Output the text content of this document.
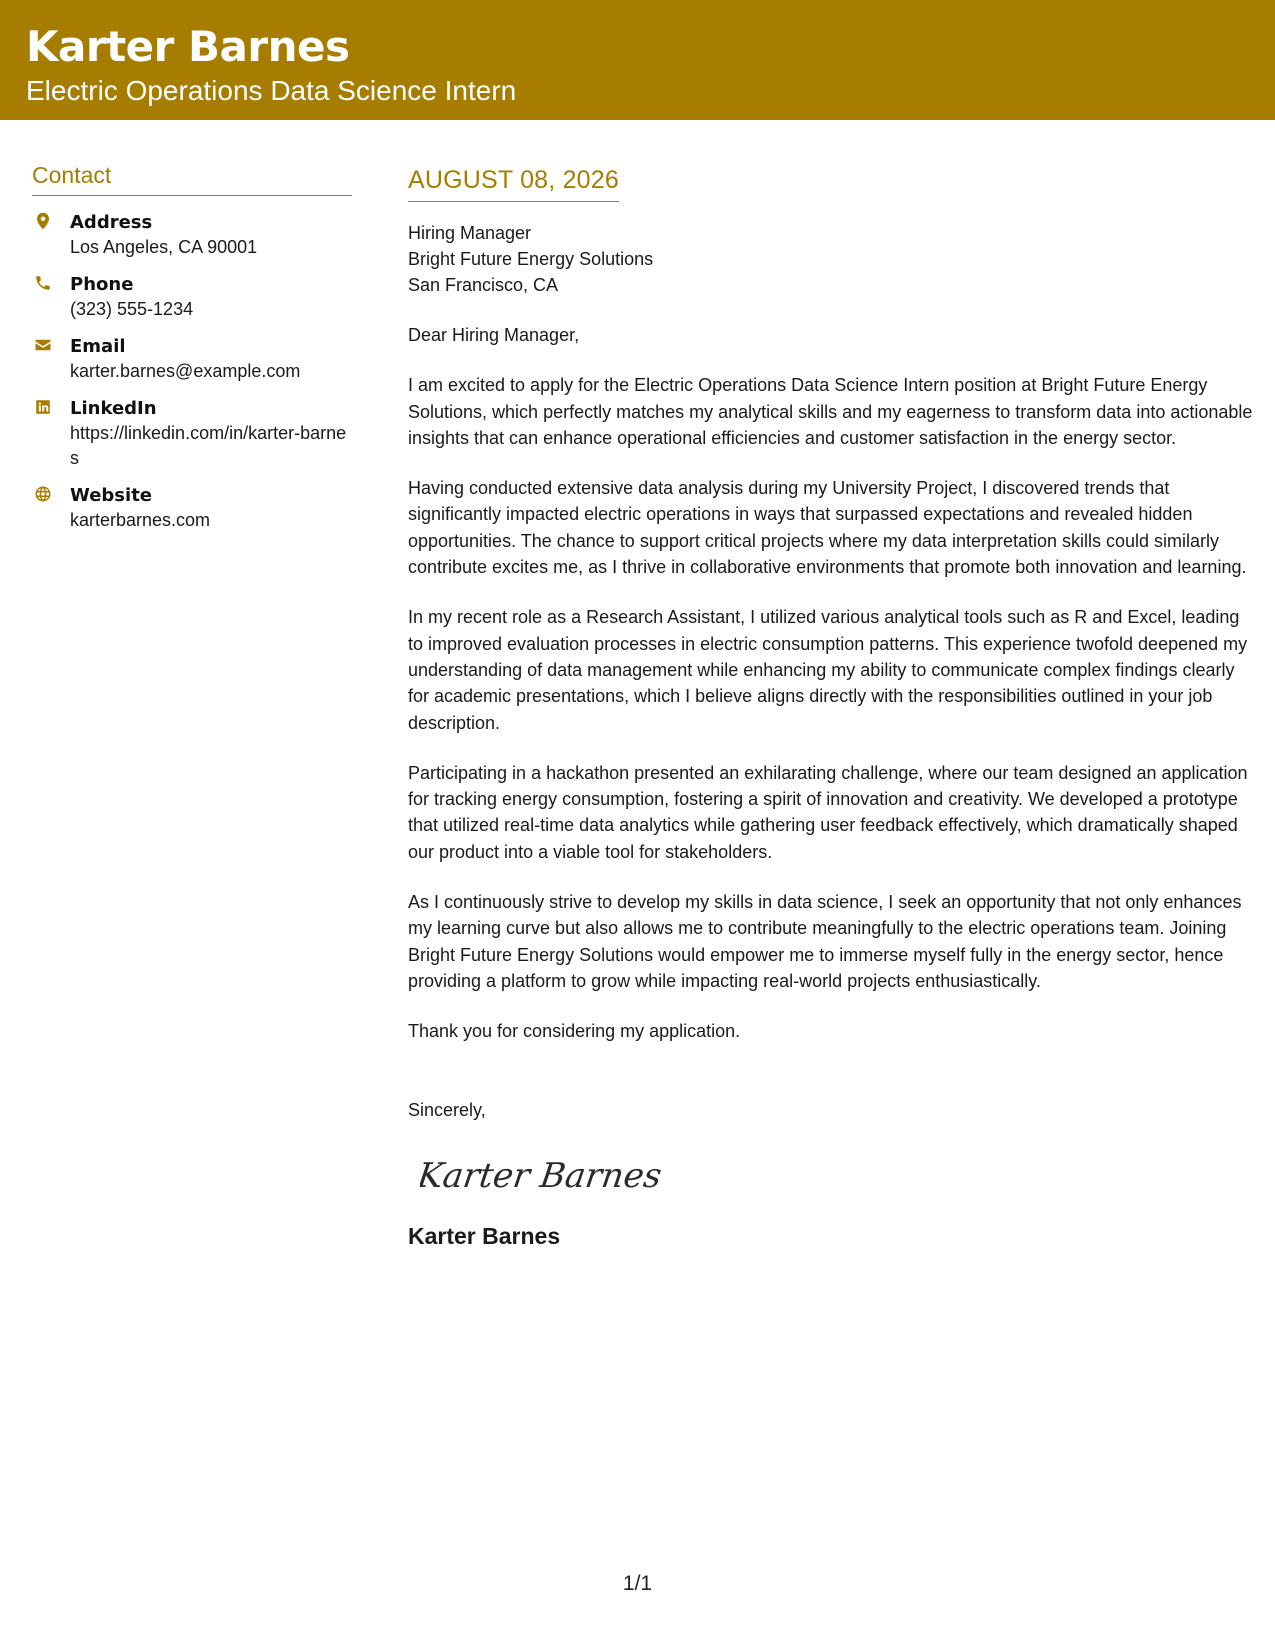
Karter Barnes
Electric Operations Data Science Intern
Contact
Address
Los Angeles, CA 90001
Phone
(323) 555-1234
Email
karter.barnes@example.com
LinkedIn
https://linkedin.com/in/karter-barnes
Website
karterbarnes.com
AUGUST 08, 2026
Hiring Manager
Bright Future Energy Solutions
San Francisco, CA
Dear Hiring Manager,
I am excited to apply for the Electric Operations Data Science Intern position at Bright Future Energy Solutions, which perfectly matches my analytical skills and my eagerness to transform data into actionable insights that can enhance operational efficiencies and customer satisfaction in the energy sector.
Having conducted extensive data analysis during my University Project, I discovered trends that significantly impacted electric operations in ways that surpassed expectations and revealed hidden opportunities. The chance to support critical projects where my data interpretation skills could similarly contribute excites me, as I thrive in collaborative environments that promote both innovation and learning.
In my recent role as a Research Assistant, I utilized various analytical tools such as R and Excel, leading to improved evaluation processes in electric consumption patterns. This experience twofold deepened my understanding of data management while enhancing my ability to communicate complex findings clearly for academic presentations, which I believe aligns directly with the responsibilities outlined in your job description.
Participating in a hackathon presented an exhilarating challenge, where our team designed an application for tracking energy consumption, fostering a spirit of innovation and creativity. We developed a prototype that utilized real-time data analytics while gathering user feedback effectively, which dramatically shaped our product into a viable tool for stakeholders.
As I continuously strive to develop my skills in data science, I seek an opportunity that not only enhances my learning curve but also allows me to contribute meaningfully to the electric operations team. Joining Bright Future Energy Solutions would empower me to immerse myself fully in the energy sector, hence providing a platform to grow while impacting real-world projects enthusiastically.
Thank you for considering my application.
Sincerely,
Karter Barnes
Karter Barnes
1/1
